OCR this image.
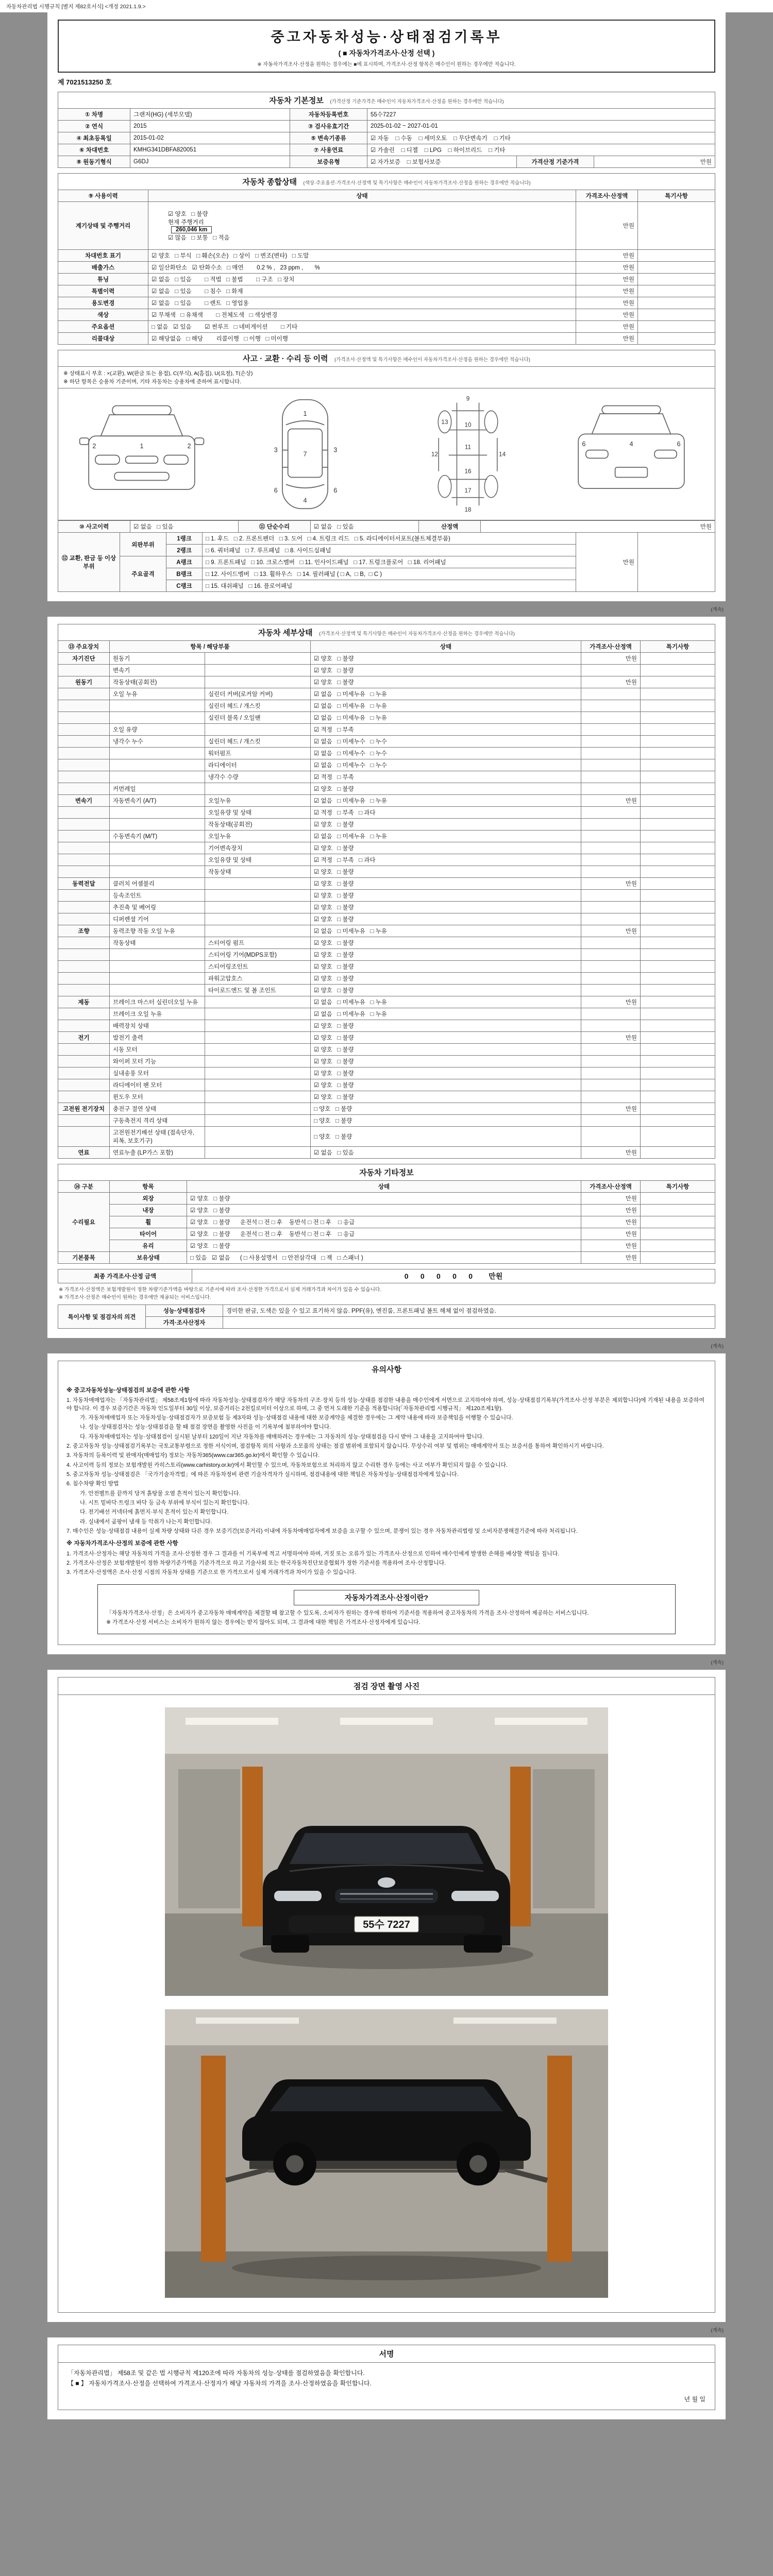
자동차관리법 시행규칙 [별지 제82호서식] <개정 2021.1.9.>
중고자동차성능·상태점검기록부
( ■ 자동차가격조사·산정 선택 )
※ 자동차가격조사·산정을 원하는 경우에는 ■에 표시하며, 가격조사·산정 항목은 매수인이 원하는 경우에만 적습니다.
제 7021513250 호
자동차 기본정보 (가격산정 기준가격은 매수인이 자동차가격조사·산정을 원하는 경우에만 적습니다)
① 차명	그랜저(HG) (세부모델)	자동차등록번호	55수7227		
② 연식	2015	③ 검사유효기간	2025-01-02 ~ 2027-01-01		
④ 최초등록일	2015-01-02	⑤ 변속기종류	☑ 자동    □ 수동    □ 세미오토    □ 무단변속기    □ 기타		
⑥ 차대번호	KMHG341DBFA820051	⑦ 사용연료	☑ 가솔린    □ 디젤    □ LPG    □ 하이브리드    □ 기타		
⑧ 원동기형식	G6DJ	보증유형	☑ 자가보증    □ 보험사보증	가격산정 기준가격	만원
자동차 종합상태 (색상·주요옵션·가격조사·산정액 및 특기사항은 매수인이 자동차가격조사·산정을 원하는 경우에만 적습니다)
⑨ 사용이력	상태	가격조사·산정액	특기사항
계기상태 및 주행거리	☑ 양호   □ 불량
현재 주행거리
260,046 km
☑ 많음   □ 보통   □ 적음	만원	
차대번호 표기	☑ 양호   □ 부식   □ 훼손(오손)   □ 상이   □ 변조(변타)   □ 도말	만원	
배출가스	☑ 일산화탄소   ☑ 탄화수소   □ 매연        0.2 % ,   23 ppm ,       %	만원	
튜닝	☑ 없음   □ 있음        □ 적법   □ 불법        □ 구조   □ 장치	만원	
특별이력	☑ 없음   □ 있음        □ 침수   □ 화재	만원	
용도변경	☑ 없음   □ 있음        □ 렌트   □ 영업용	만원	
색상	☑ 무채색   □ 유채색        □ 전체도색   □ 색상변경	만원	
주요옵션	□ 없음   ☑ 있음        ☑ 썬루프   □ 네비게이션        □ 기타	만원	
리콜대상	☑ 해당없음   □ 해당        리콜이행   □ 이행   □ 미이행	만원	
사고 · 교환 · 수리 등 이력 (가격조사·산정액 및 특기사항은 매수인이 자동차가격조사·산정을 원하는 경우에만 적습니다)
※ 상태표시 부호 : ×(교환), W(판금 또는 용접), C(부식), A(흠집), U(요철), T(손상)
※ 하단 항목은 승용차 기준이며, 기타 자동차는 승용차에 준하여 표시합니다.
1
2	2
1
7
3	3
6	6
4
9
10
11
12
13
14
16
17
18
4
6	6
⑩ 사고이력	☑ 없음   □ 있음	⑪ 단순수리	☑ 없음   □ 있음	산정액	만원
⑫ 교환, 판금 등 이상 부위	외판부위	1랭크	□ 1. 후드   □ 2. 프론트펜더   □ 3. 도어   □ 4. 트렁크 리드   □ 5. 라디에이터서포트(볼트체결부품)	만원	
		2랭크	□ 6. 쿼터패널   □ 7. 루프패널   □ 8. 사이드실패널		
	주요골격	A랭크	□ 9. 프론트패널   □ 10. 크로스멤버   □ 11. 인사이드패널   □ 17. 트렁크플로어   □ 18. 리어패널		
		B랭크	□ 12. 사이드멤버   □ 13. 휠하우스   □ 14. 필러패널 ( □ A,  □ B,  □ C )		
		C랭크	□ 15. 대쉬패널   □ 16. 플로어패널		
(계속)
자동차 세부상태 (가격조사·산정액 및 특기사항은 매수인이 자동차가격조사·산정을 원하는 경우에만 적습니다)
⑬ 주요장치	항목 / 해당부품		상태	가격조사·산정액	특기사항
자기진단	원동기		☑ 양호   □ 불량	만원	
	변속기		☑ 양호   □ 불량		
원동기	작동상태(공회전)		☑ 양호   □ 불량	만원	
	오일 누유	실린더 커버(로커암 커버)	☑ 없음   □ 미세누유   □ 누유		
		실린더 헤드 / 개스킷	☑ 없음   □ 미세누유   □ 누유		
		실린더 블록 / 오일팬	☑ 없음   □ 미세누유   □ 누유		
	오일 유량		☑ 적정   □ 부족		
	냉각수 누수	실린더 헤드 / 개스킷	☑ 없음   □ 미세누수   □ 누수		
		워터펌프	☑ 없음   □ 미세누수   □ 누수		
		라디에이터	☑ 없음   □ 미세누수   □ 누수		
		냉각수 수량	☑ 적정   □ 부족		
	커먼레일		☑ 양호   □ 불량		
변속기	자동변속기 (A/T)	오일누유	☑ 없음   □ 미세누유   □ 누유	만원	
		오일유량 및 상태	☑ 적정   □ 부족   □ 과다		
		작동상태(공회전)	☑ 양호   □ 불량		
	수동변속기 (M/T)	오일누유	☑ 없음   □ 미세누유   □ 누유		
		기어변속장치	☑ 양호   □ 불량		
		오일유량 및 상태	☑ 적정   □ 부족   □ 과다		
		작동상태	☑ 양호   □ 불량		
동력전달	클러치 어셈블리		☑ 양호   □ 불량	만원	
	등속조인트		☑ 양호   □ 불량		
	추진축 및 베어링		☑ 양호   □ 불량		
	디퍼렌셜 기어		☑ 양호   □ 불량		
조향	동력조향 작동 오일 누유		☑ 없음   □ 미세누유   □ 누유	만원	
	작동상태	스티어링 펌프	☑ 양호   □ 불량		
		스티어링 기어(MDPS포함)	☑ 양호   □ 불량		
		스티어링조인트	☑ 양호   □ 불량		
		파워고압호스	☑ 양호   □ 불량		
		타이로드엔드 및 볼 조인트	☑ 양호   □ 불량		
제동	브레이크 마스터 실린더오일 누유		☑ 없음   □ 미세누유   □ 누유	만원	
	브레이크 오일 누유		☑ 없음   □ 미세누유   □ 누유		
	배력장치 상태		☑ 양호   □ 불량		
전기	발전기 출력		☑ 양호   □ 불량	만원	
	시동 모터		☑ 양호   □ 불량		
	와이퍼 모터 기능		☑ 양호   □ 불량		
	실내송풍 모터		☑ 양호   □ 불량		
	라디에이터 팬 모터		☑ 양호   □ 불량		
	윈도우 모터		☑ 양호   □ 불량		
고전원 전기장치	충전구 절연 상태		□ 양호   □ 불량	만원	
	구동축전지 격리 상태		□ 양호   □ 불량		
	고전원전기배선 상태 (접속단자, 피복, 보호기구)		□ 양호   □ 불량		
연료	연료누출 (LP가스 포함)		☑ 없음   □ 있음	만원	
자동차 기타정보
⑭ 구분	항목	상태	가격조사·산정액	특기사항
수리필요	외장	☑ 양호   □ 불량	만원	
	내장	☑ 양호   □ 불량	만원	
	휠	☑ 양호   □ 불량      운전석 □ 전 □ 후    동반석 □ 전 □ 후    □ 응급	만원	
	타이어	☑ 양호   □ 불량      운전석 □ 전 □ 후    동반석 □ 전 □ 후    □ 응급	만원	
	유리	☑ 양호   □ 불량	만원	
기본품목	보유상태	□ 있음   ☑ 없음      ( □ 사용설명서   □ 안전삼각대   □ 잭   □ 스패너 )	만원	
최종 가격조사·산정 금액	0      0      0      0      0        만원
※ 가격조사·산정액은 보험개발원이 정한 차량기준가액을 바탕으로 기준서에 따라 조사·산정한 가격으로서 실제 거래가격과 차이가 있을 수 있습니다.
※ 가격조사·산정은 매수인이 원하는 경우에만 제공되는 서비스입니다.
특이사항 및 점검자의 의견	성능·상태점검자	경미한 판금, 도색은 있을 수 있고 표기하지 않음. PPF(유), 엔진룸, 프론트패널 볼트 해체 없이 점검하였음.
	가격·조사산정자	
(계속)
유의사항

※ 중고자동차성능·상태점검의 보증에 관한 사항

1. 자동차매매업자는 「자동차관리법」 제58조제1항에 따라 자동차성능·상태점검자가 해당 자동차의 구조·장치 등의 성능·상태를 점검한 내용을 매수인에게 서면으로 고지하여야 하며, 성능·상태점검기록부(가격조사·산정 부분은 제외합니다)에 기재된 내용을 보증하여야 합니다. 이 경우 보증기간은 자동차 인도일부터 30일 이상, 보증거리는 2천킬로미터 이상으로 하며, 그 중 먼저 도래한 기준을 적용합니다(「자동차관리법 시행규칙」 제120조제1항).

가. 자동차매매업자 또는 자동차성능·상태점검자가 보증보험 등 제3자와 성능·상태점검 내용에 대한 보증계약을 체결한 경우에는 그 계약 내용에 따라 보증책임을 이행할 수 있습니다.

나. 성능·상태점검자는 성능·상태점검을 할 때 점검 장면을 촬영한 사진을 이 기록부에 첨부하여야 합니다.

다. 자동차매매업자는 성능·상태점검이 실시된 날부터 120일이 지난 자동차를 매매하려는 경우에는 그 자동차의 성능·상태점검을 다시 받아 그 내용을 고지하여야 합니다.

2. 중고자동차 성능·상태점검기록부는 국토교통부령으로 정한 서식이며, 점검항목 외의 사항과 소모품의 상태는 점검 범위에 포함되지 않습니다. 무상수리 여부 및 범위는 매매계약서 또는 보증서를 통하여 확인하시기 바랍니다.

3. 자동차의 등록이력 및 판매자(매매업자) 정보는 자동차365(www.car365.go.kr)에서 확인할 수 있습니다.

4. 사고이력 등의 정보는 보험개발원 카히스토리(www.carhistory.or.kr)에서 확인할 수 있으며, 자동차보험으로 처리하지 않고 수리한 경우 등에는 사고 여부가 확인되지 않을 수 있습니다.

5. 중고자동차 성능·상태점검은 「국가기술자격법」에 따른 자동차정비 관련 기술자격자가 실시하며, 점검내용에 대한 책임은 자동차성능·상태점검자에게 있습니다.

6. 침수차량 확인 방법

가. 안전벨트를 끝까지 당겨 흙탕물 오염 흔적이 있는지 확인합니다.

나. 시트 밑바닥·트렁크 바닥 등 금속 부위에 부식이 있는지 확인합니다.

다. 전기배선 커넥터에 흙먼지·부식 흔적이 있는지 확인합니다.

라. 실내에서 곰팡이 냄새 등 악취가 나는지 확인합니다.

7. 매수인은 성능·상태점검 내용이 실제 차량 상태와 다른 경우 보증기간(보증거리) 이내에 자동차매매업자에게 보증을 요구할 수 있으며, 분쟁이 있는 경우 자동차관리법령 및 소비자분쟁해결기준에 따라 처리됩니다.

※ 자동차가격조사·산정의 보증에 관한 사항

1. 가격조사·산정자는 해당 자동차의 가격을 조사·산정한 경우 그 결과를 이 기록부에 적고 서명하여야 하며, 거짓 또는 오류가 있는 가격조사·산정으로 인하여 매수인에게 발생한 손해를 배상할 책임을 집니다.

2. 가격조사·산정은 보험개발원이 정한 차량기준가액을 기준가격으로 하고 기술사회 또는 한국자동차진단보증협회가 정한 기준서를 적용하여 조사·산정합니다.

3. 가격조사·산정액은 조사·산정 시점의 자동차 상태를 기준으로 한 가격으로서 실제 거래가격과 차이가 있을 수 있습니다.

자동차가격조사·산정이란?
「자동차가격조사·산정」은 소비자가 중고자동차 매매계약을 체결할 때 참고할 수 있도록, 소비자가 원하는 경우에 한하여 기준서를 적용하여 중고자동차의 가격을 조사·산정하여 제공하는 서비스입니다.
※ 가격조사·산정 서비스는 소비자가 원하지 않는 경우에는 받지 않아도 되며, 그 결과에 대한 책임은 가격조사·산정자에게 있습니다.
(계속)
점검 장면 촬영 사진
55수 7227
(계속)
서명
「자동차관리법」 제58조 및 같은 법 시행규칙 제120조에 따라 자동차의 성능·상태를 점검하였음을 확인합니다.
【 ■ 】 자동차가격조사·산정을 선택하여 가격조사·산정자가 해당 자동차의 가격을 조사·산정하였음을 확인합니다.
년 월 일
